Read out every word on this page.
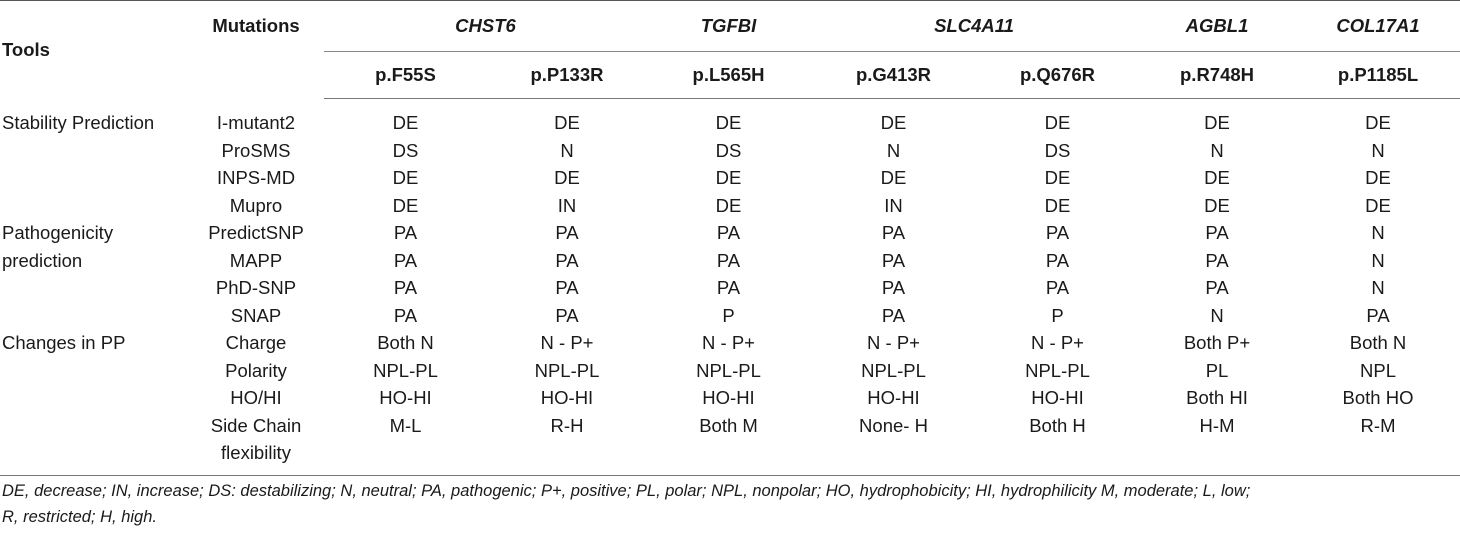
Tools	Mutations	CHST6		TGFBI	SLC4A11		AGBL1	COL17A1
		p.F55S	p.P133R	p.L565H	p.G413R	p.Q676R	p.R748H	p.P1185L
Stability Prediction	I-mutant2	DE	DE	DE	DE	DE	DE	DE
	ProSMS	DS	N	DS	N	DS	N	N
	INPS-MD	DE	DE	DE	DE	DE	DE	DE
	Mupro	DE	IN	DE	IN	DE	DE	DE
Pathogenicity	PredictSNP	PA	PA	PA	PA	PA	PA	N
prediction	MAPP	PA	PA	PA	PA	PA	PA	N
	PhD-SNP	PA	PA	PA	PA	PA	PA	N
	SNAP	PA	PA	P	PA	P	N	PA
Changes in PP	Charge	Both N	N - P+	N - P+	N - P+	N - P+	Both P+	Both N
	Polarity	NPL-PL	NPL-PL	NPL-PL	NPL-PL	NPL-PL	PL	NPL
	HO/HI	HO-HI	HO-HI	HO-HI	HO-HI	HO-HI	Both HI	Both HO
	Side Chain	M-L	R-H	Both M	None- H	Both H	H-M	R-M
	flexibility							

DE, decrease; IN, increase; DS: destabilizing; N, neutral; PA, pathogenic; P+, positive; PL, polar; NPL, nonpolar; HO, hydrophobicity; HI, hydrophilicity M, moderate; L, low;
R, restricted; H, high.								
